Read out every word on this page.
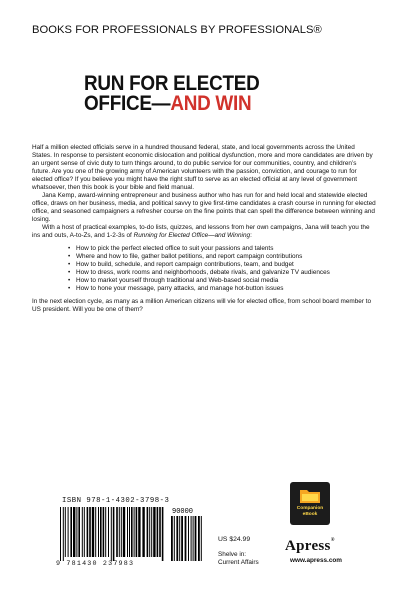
BOOKS FOR PROFESSIONALS BY PROFESSIONALS®
RUN FOR ELECTED
OFFICE—AND WIN

Half a million elected officials serve in a hundred thousand federal, state, and local governments across the United States. In response to persistent economic dislocation and political dysfunction, more and more candidates are driven by an urgent sense of civic duty to turn things around, to do public service for our communities, country, and children’s future. Are you one of the growing army of American volunteers with the passion, conviction, and courage to run for elected office? If you believe you might have the right stuff to serve as an elected official at any level of government whatsoever, then this book is your bible and field manual.

Jana Kemp, award-winning entrepreneur and business author who has run for and held local and statewide elected office, draws on her business, media, and political savvy to give first-time candidates a crash course in running for elected office, and seasoned campaigners a refresher course on the fine points that can spell the difference between winning and losing.

With a host of practical examples, to-do lists, quizzes, and lessons from her own campaigns, Jana will teach you the ins and outs, A-to-Zs, and 1-2-3s of Running for Elected Office—and Winning:

• How to pick the perfect elected office to suit your passions and talents
• Where and how to file, gather ballot petitions, and report campaign contributions
• How to build, schedule, and report campaign contributions, team, and budget
• How to dress, work rooms and neighborhoods, debate rivals, and galvanize TV audiences
• How to market yourself through traditional and Web-based social media
• How to hone your message, parry attacks, and manage hot-button issues

In the next election cycle, as many as a million American citizens will vie for elected office, from school board member to US president. Will you be one of them?

ISBN 978-1-4302-3798-3
90000
9 781430 237983
US $24.99
Shelve in:
Current Affairs
Companion
eBook
Apress®
www.apress.com
